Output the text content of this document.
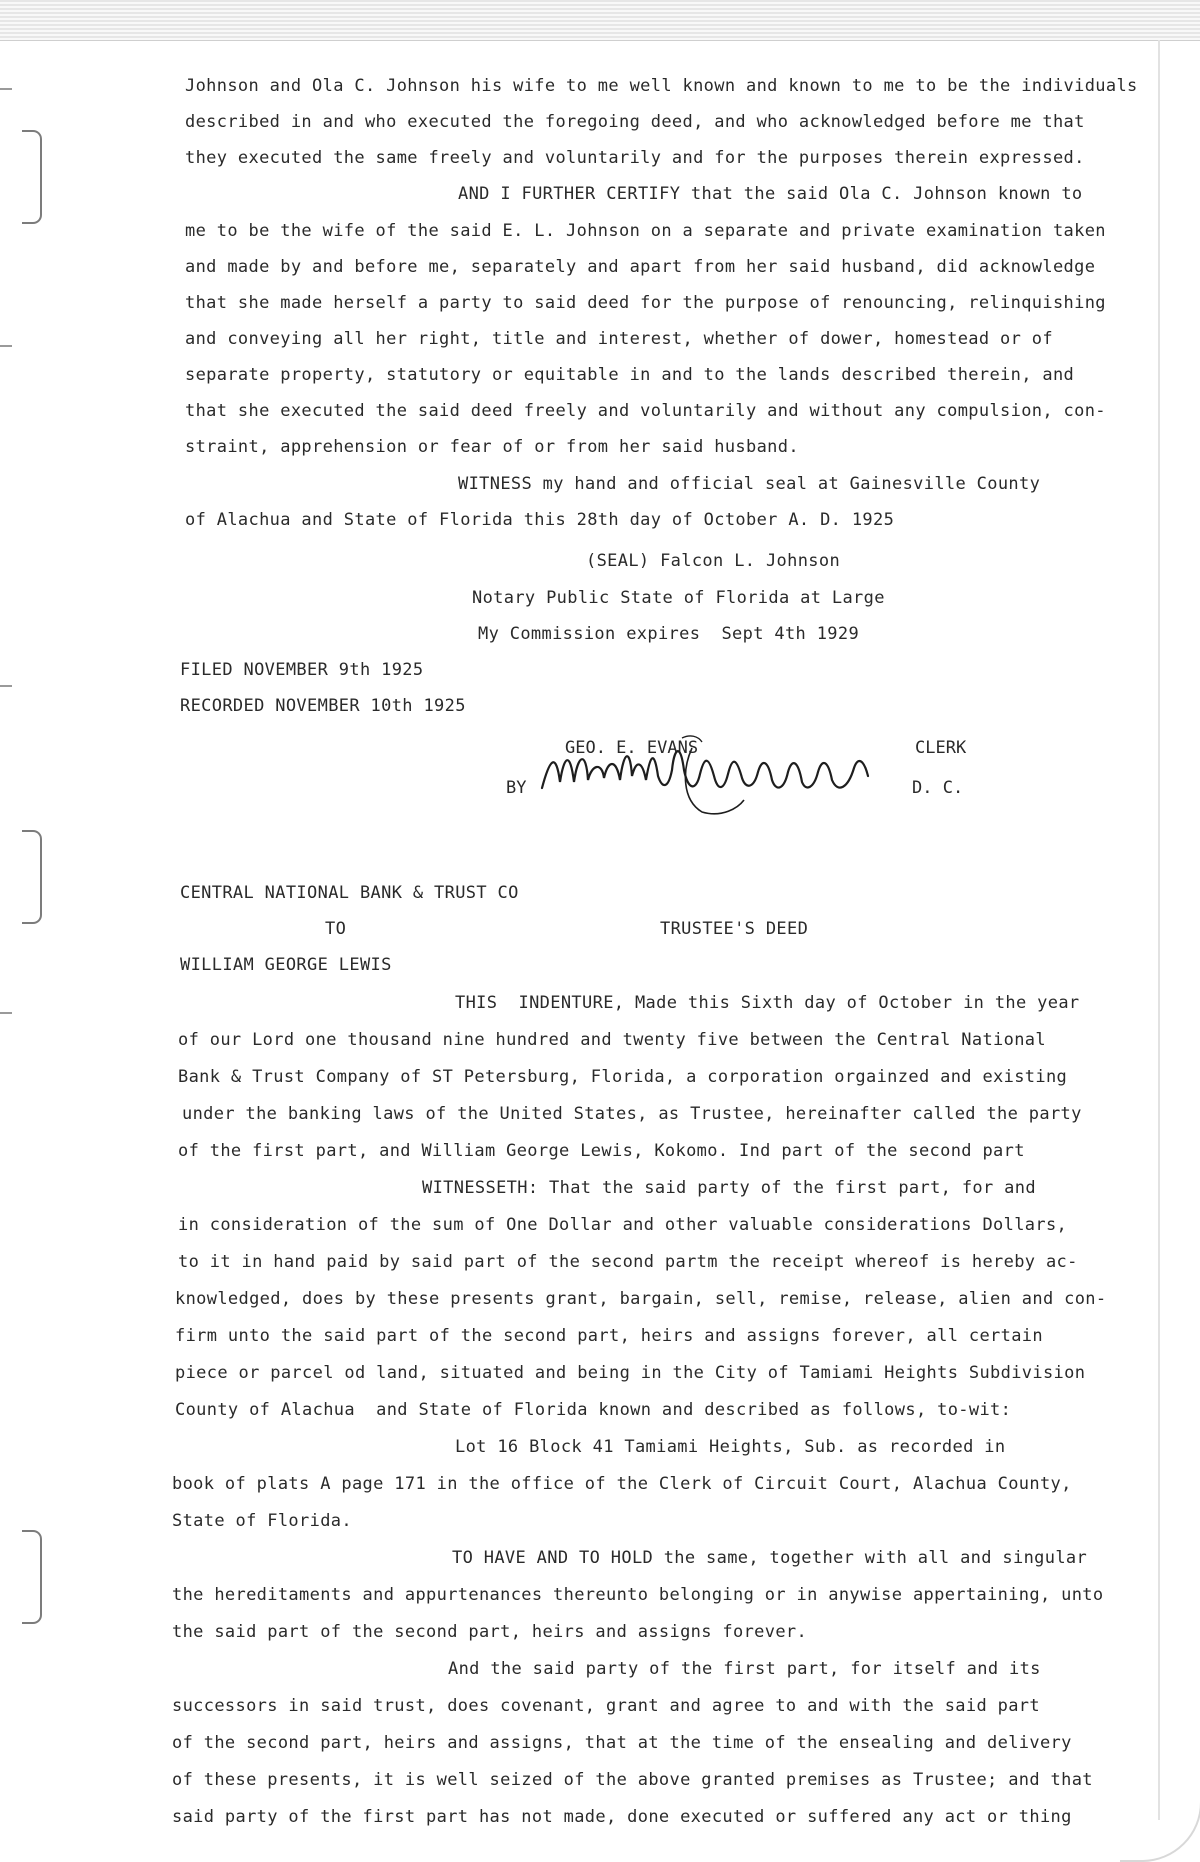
Johnson and Ola C. Johnson his wife to me well known and known to me to be the individuals
described in and who executed the foregoing deed, and who acknowledged before me that
they executed the same freely and voluntarily and for the purposes therein expressed.
AND I FURTHER CERTIFY that the said Ola C. Johnson known to
me to be the wife of the said E. L. Johnson on a separate and private examination taken
and made by and before me, separately and apart from her said husband, did acknowledge
that she made herself a party to said deed for the purpose of renouncing, relinquishing
and conveying all her right, title and interest, whether of dower, homestead or of
separate property, statutory or equitable in and to the lands described therein, and
that she executed the said deed freely and voluntarily and without any compulsion, con-
straint, apprehension or fear of or from her said husband.
WITNESS my hand and official seal at Gainesville County
of Alachua and State of Florida this 28th day of October A. D. 1925
(SEAL) Falcon L. Johnson
Notary Public State of Florida at Large
My Commission expires  Sept 4th 1929
FILED NOVEMBER 9th 1925
RECORDED NOVEMBER 10th 1925
GEO. E. EVANS	CLERK
BY	D. C.
CENTRAL NATIONAL BANK & TRUST CO
TO	TRUSTEE'S DEED
WILLIAM GEORGE LEWIS
THIS  INDENTURE, Made this Sixth day of October in the year
of our Lord one thousand nine hundred and twenty five between the Central National
Bank & Trust Company of ST Petersburg, Florida, a corporation orgainzed and existing
under the banking laws of the United States, as Trustee, hereinafter called the party
of the first part, and William George Lewis, Kokomo. Ind part of the second part
WITNESSETH: That the said party of the first part, for and
in consideration of the sum of One Dollar and other valuable considerations Dollars,
to it in hand paid by said part of the second partm the receipt whereof is hereby ac-
knowledged, does by these presents grant, bargain, sell, remise, release, alien and con-
firm unto the said part of the second part, heirs and assigns forever, all certain
piece or parcel od land, situated and being in the City of Tamiami Heights Subdivision
County of Alachua  and State of Florida known and described as follows, to-wit:
Lot 16 Block 41 Tamiami Heights, Sub. as recorded in
book of plats A page 171 in the office of the Clerk of Circuit Court, Alachua County,
State of Florida.
TO HAVE AND TO HOLD the same, together with all and singular
the hereditaments and appurtenances thereunto belonging or in anywise appertaining, unto
the said part of the second part, heirs and assigns forever.
And the said party of the first part, for itself and its
successors in said trust, does covenant, grant and agree to and with the said part
of the second part, heirs and assigns, that at the time of the ensealing and delivery
of these presents, it is well seized of the above granted premises as Trustee; and that
said party of the first part has not made, done executed or suffered any act or thing
